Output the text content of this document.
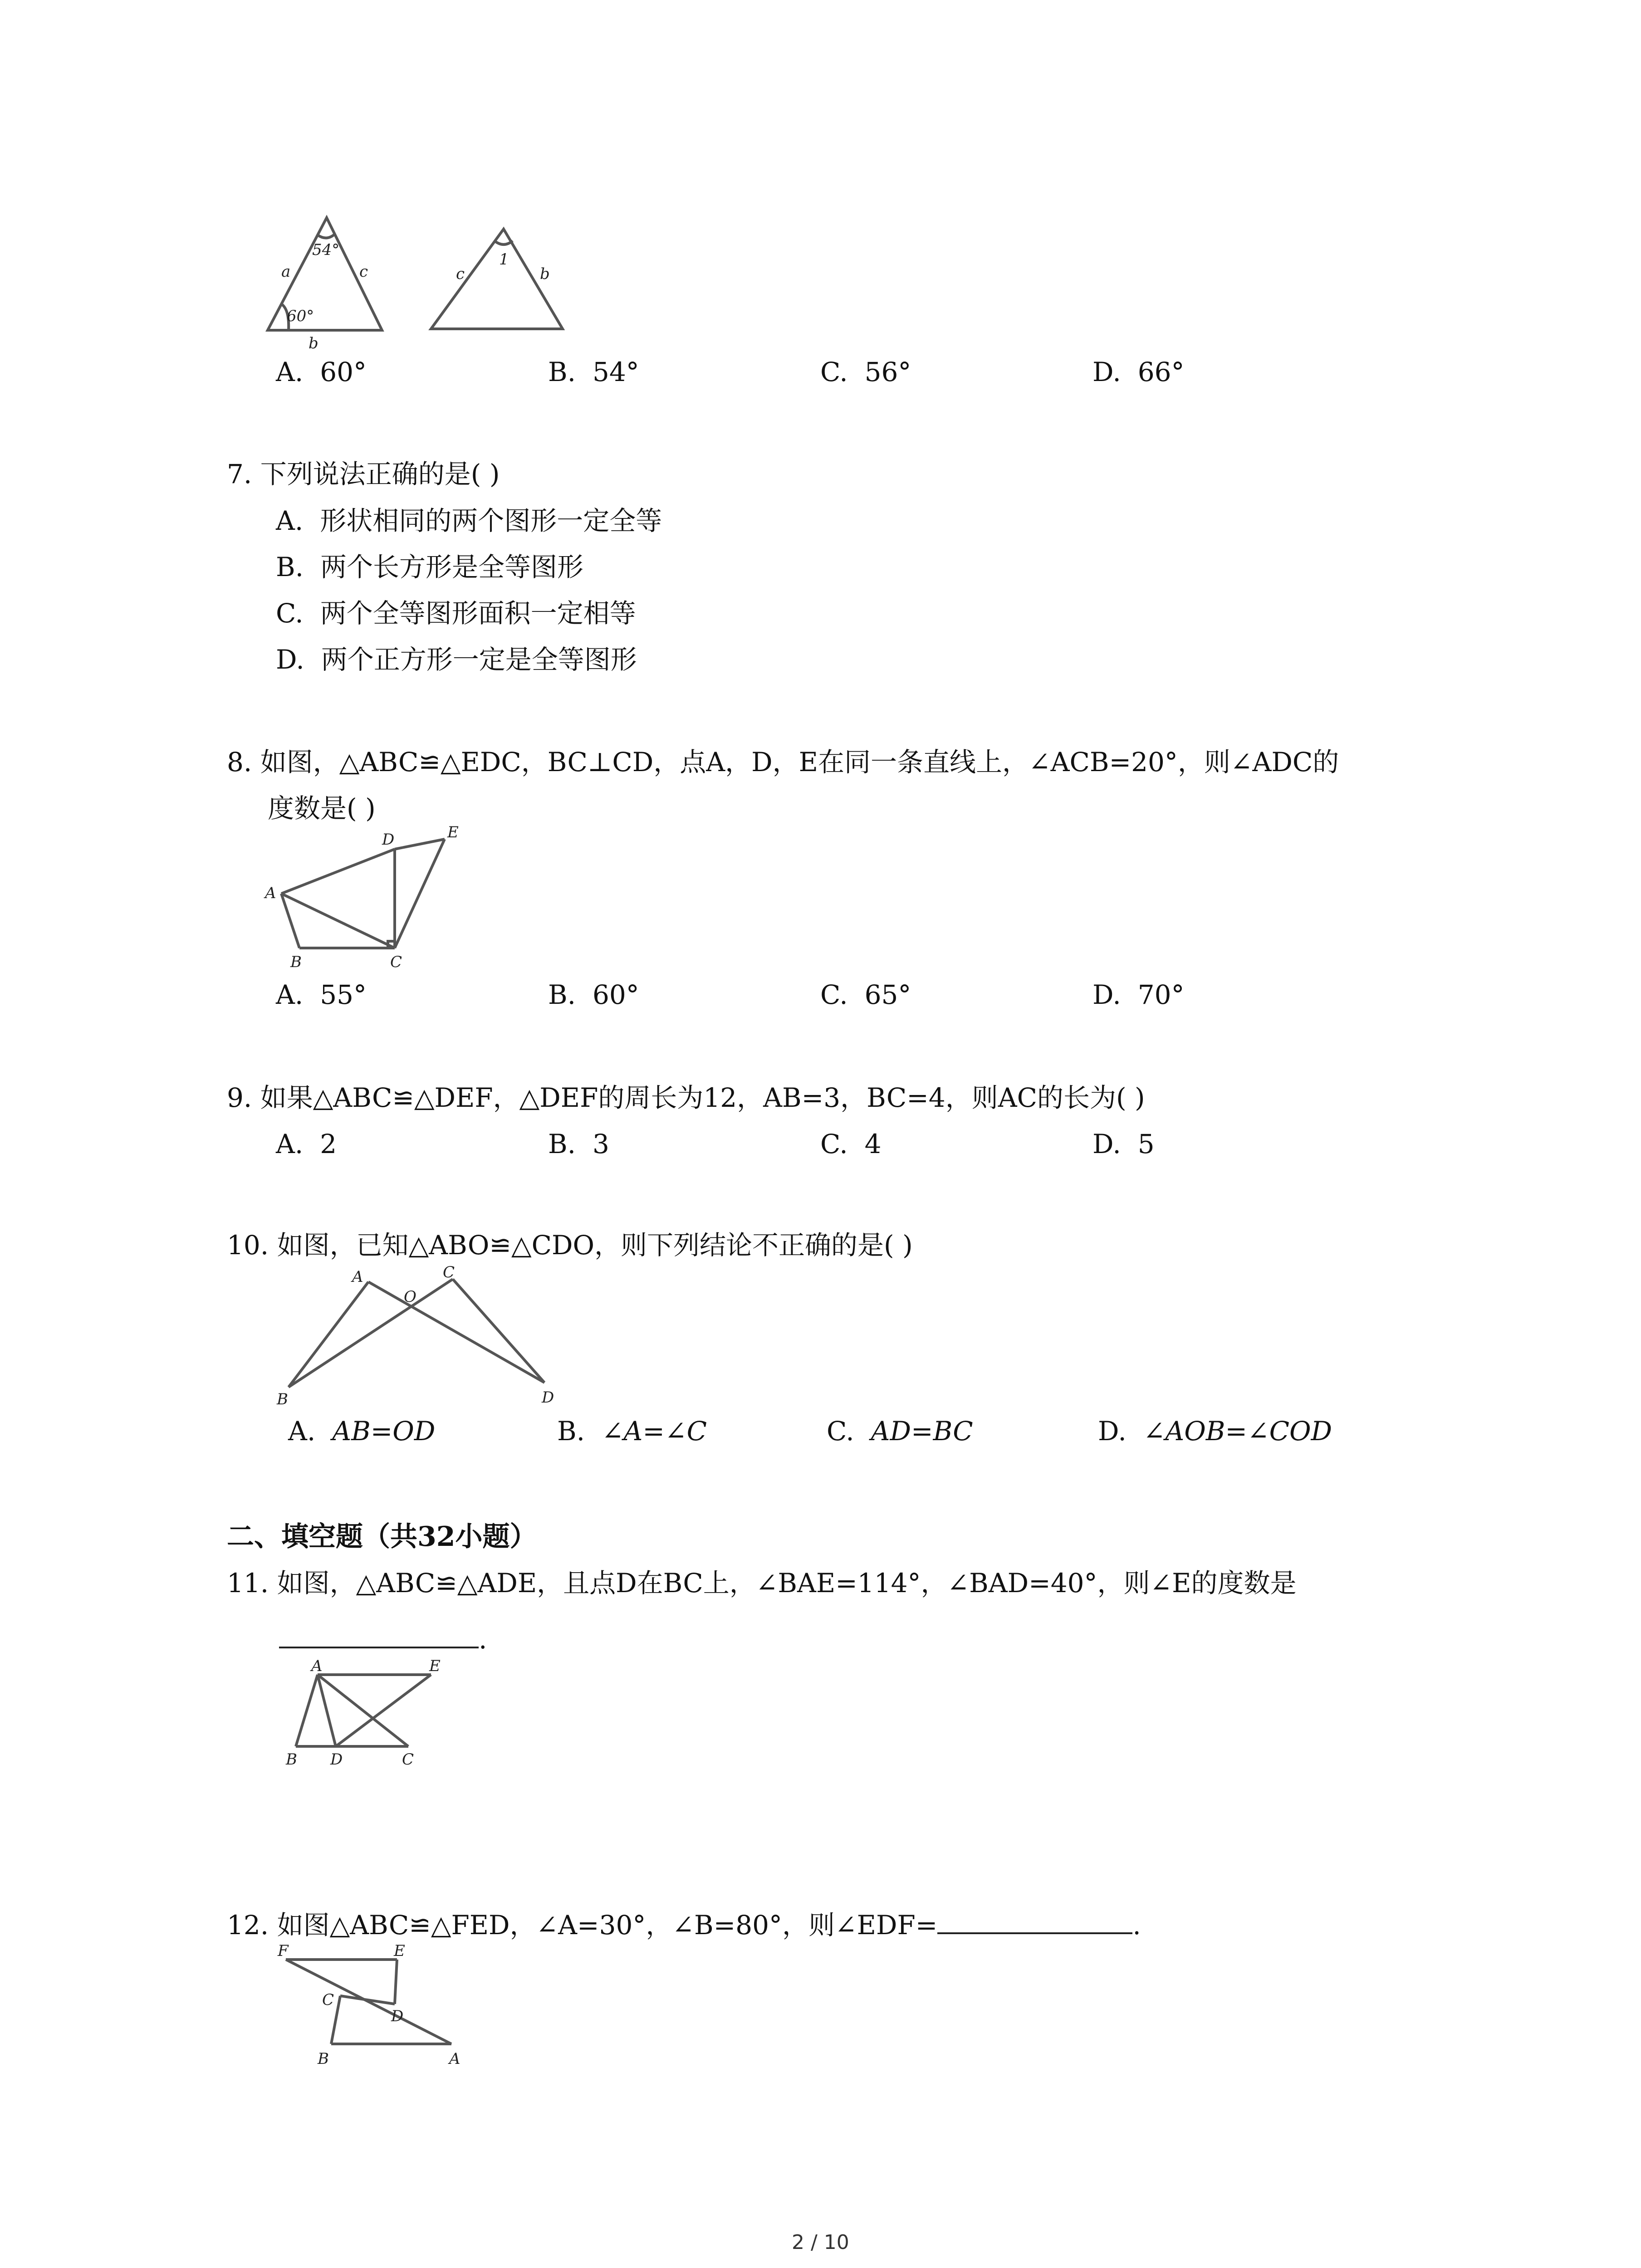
54°
60°
a	c
b
1
c	b
A. 60°	B. 54°	C. 56°	D. 66°
7. 下列说法正确的是( )
A. 形状相同的两个图形一定全等
B. 两个长方形是全等图形
C. 两个全等图形面积一定相等
D. 两个正方形一定是全等图形
8. 如图，△ABC≌△EDC，BC⊥CD，点A，D，E在同一条直线上，∠ACB=20°，则∠ADC的
度数是( )
A
B	C
D	E
A. 55°	B. 60°	C. 65°	D. 70°
9. 如果△ABC≌△DEF，△DEF的周长为12，AB=3，BC=4，则AC的长为( )
A. 2	B. 3	C. 4	D. 5
10. 如图，已知△ABO≌△CDO，则下列结论不正确的是( )
A	C
O
B	D
A. AB=OD	B. ∠A=∠C	C. AD=BC	D. ∠AOB=∠COD
二、填空题（共32小题）
11. 如图，△ABC≌△ADE，且点D在BC上，∠BAE=114°，∠BAD=40°，则∠E的度数是
.
A	E
B D	C
12. 如图△ABC≌△FED，∠A=30°，∠B=80°，则∠EDF=	.
F	E
C
D
B	A
2 / 10
